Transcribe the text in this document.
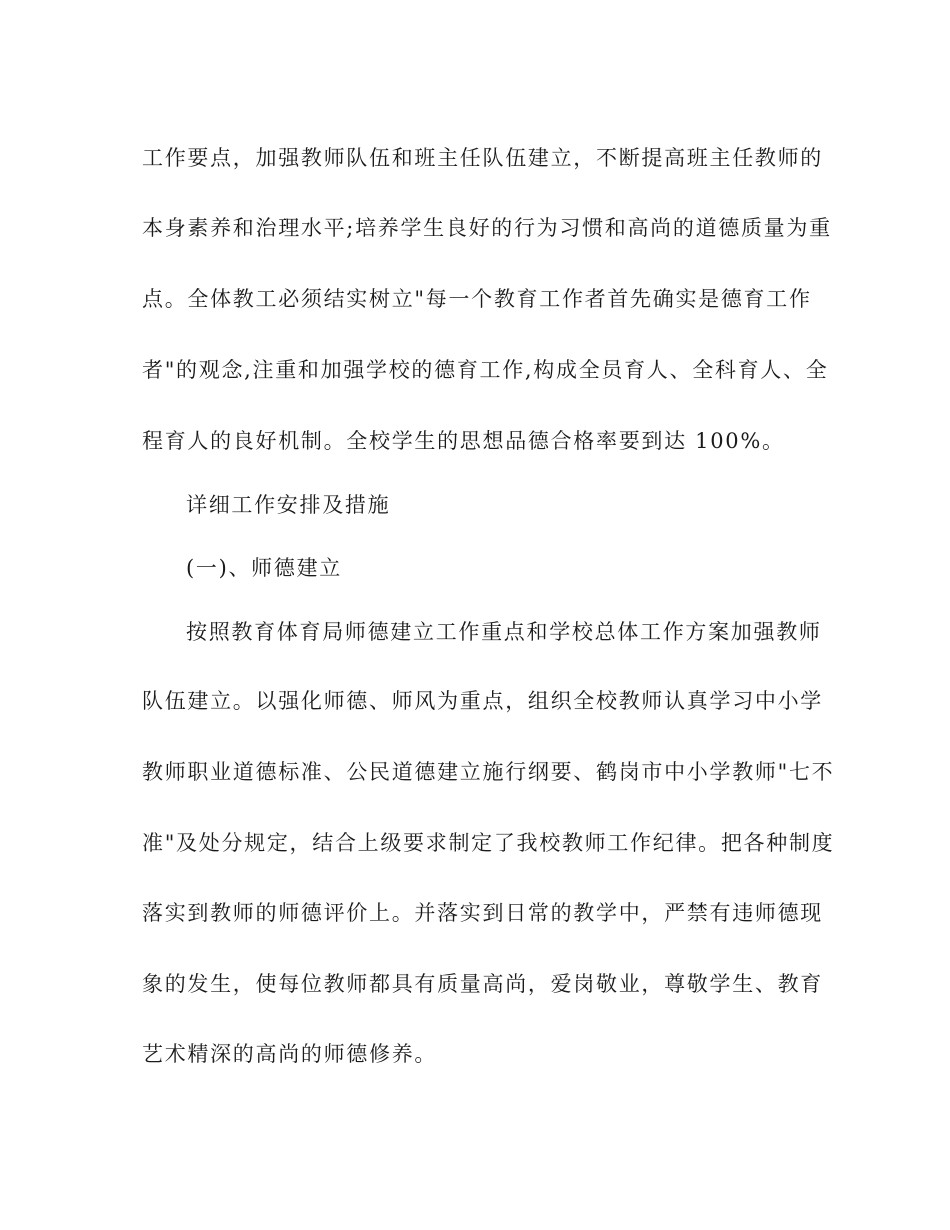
工作要点，加强教师队伍和班主任队伍建立，不断提高班主任教师的
本身素养和治理水平;培养学生良好的行为习惯和高尚的道德质量为重
点。全体教工必须结实树立"每一个教育工作者首先确实是德育工作
者"的观念,注重和加强学校的德育工作,构成全员育人、全科育人、全
程育人的良好机制。全校学生的思想品德合格率要到达 100%。
详细工作安排及措施
(一)、师德建立
按照教育体育局师德建立工作重点和学校总体工作方案加强教师
队伍建立。以强化师德、师风为重点，组织全校教师认真学习中小学
教师职业道德标准、公民道德建立施行纲要、鹤岗市中小学教师"七不
准"及处分规定，结合上级要求制定了我校教师工作纪律。把各种制度
落实到教师的师德评价上。并落实到日常的教学中，严禁有违师德现
象的发生，使每位教师都具有质量高尚，爱岗敬业，尊敬学生、教育
艺术精深的高尚的师德修养。
